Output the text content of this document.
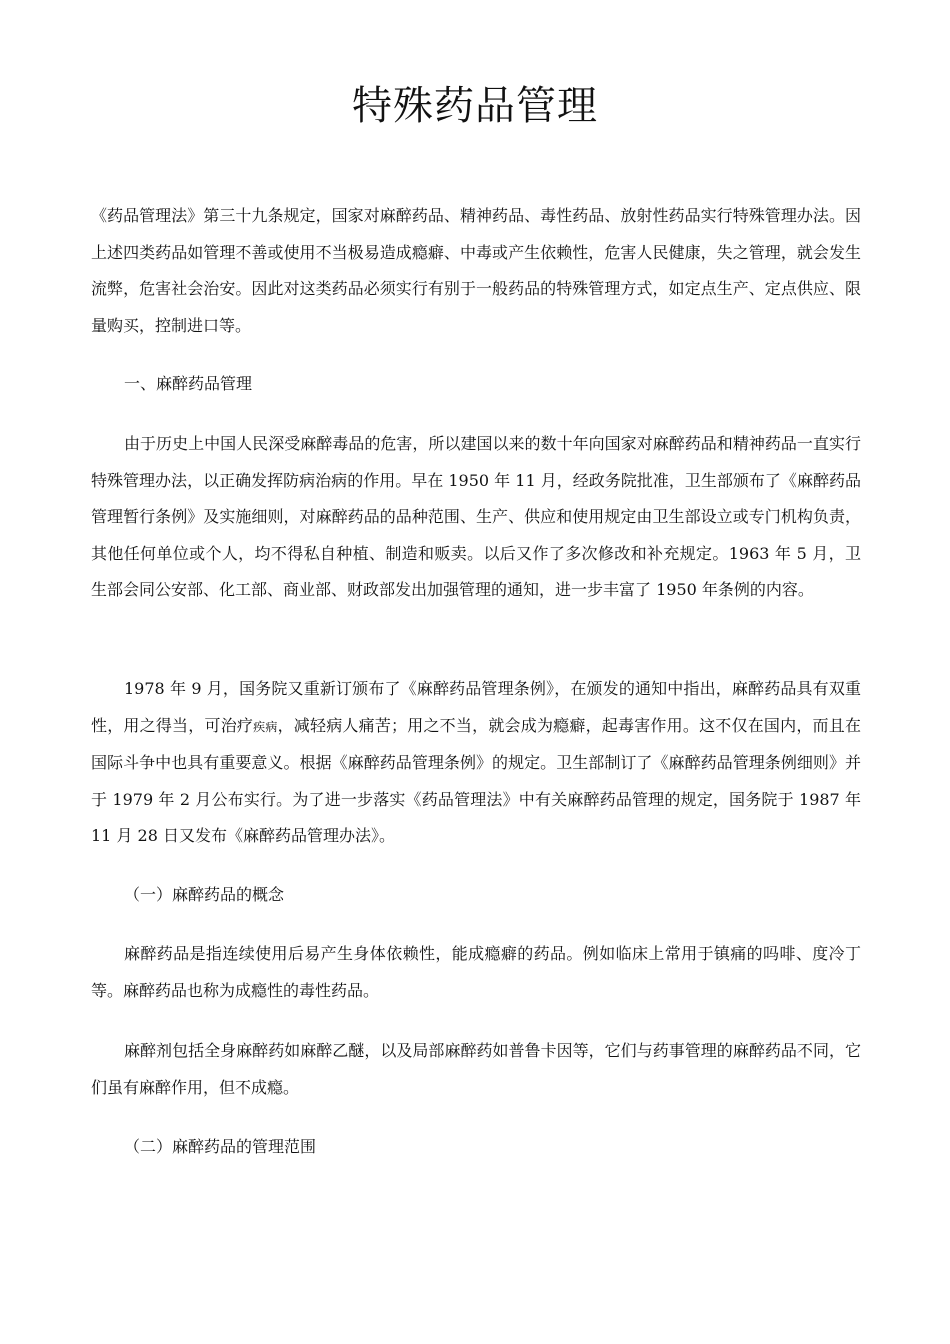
特殊药品管理

《药品管理法》第三十九条规定，国家对麻醉药品、精神药品、毒性药品、放射性药品实行特殊管理办法。因上述四类药品如管理不善或使用不当极易造成瘾癖、中毒或产生依赖性，危害人民健康，失之管理，就会发生流弊，危害社会治安。因此对这类药品必须实行有别于一般药品的特殊管理方式，如定点生产、定点供应、限量购买，控制进口等。

一、麻醉药品管理

由于历史上中国人民深受麻醉毒品的危害，所以建国以来的数十年向国家对麻醉药品和精神药品一直实行特殊管理办法，以正确发挥防病治病的作用。早在 1950 年 11 月，经政务院批准，卫生部颁布了《麻醉药品管理暂行条例》及实施细则，对麻醉药品的品种范围、生产、供应和使用规定由卫生部设立或专门机构负责，其他任何单位或个人，均不得私自种植、制造和贩卖。以后又作了多次修改和补充规定。1963 年 5 月，卫生部会同公安部、化工部、商业部、财政部发出加强管理的通知，进一步丰富了 1950 年条例的内容。

1978 年 9 月，国务院又重新订颁布了《麻醉药品管理条例》，在颁发的通知中指出，麻醉药品具有双重性，用之得当，可治疗疾病，减轻病人痛苦；用之不当，就会成为瘾癖，起毒害作用。这不仅在国内，而且在国际斗争中也具有重要意义。根据《麻醉药品管理条例》的规定。卫生部制订了《麻醉药品管理条例细则》并于 1979 年 2 月公布实行。为了进一步落实《药品管理法》中有关麻醉药品管理的规定，国务院于 1987 年 11 月 28 日又发布《麻醉药品管理办法》。

（一）麻醉药品的概念

麻醉药品是指连续使用后易产生身体依赖性，能成瘾癖的药品。例如临床上常用于镇痛的吗啡、度冷丁等。麻醉药品也称为成瘾性的毒性药品。

麻醉剂包括全身麻醉药如麻醉乙醚，以及局部麻醉药如普鲁卡因等，它们与药事管理的麻醉药品不同，它们虽有麻醉作用，但不成瘾。

（二）麻醉药品的管理范围
